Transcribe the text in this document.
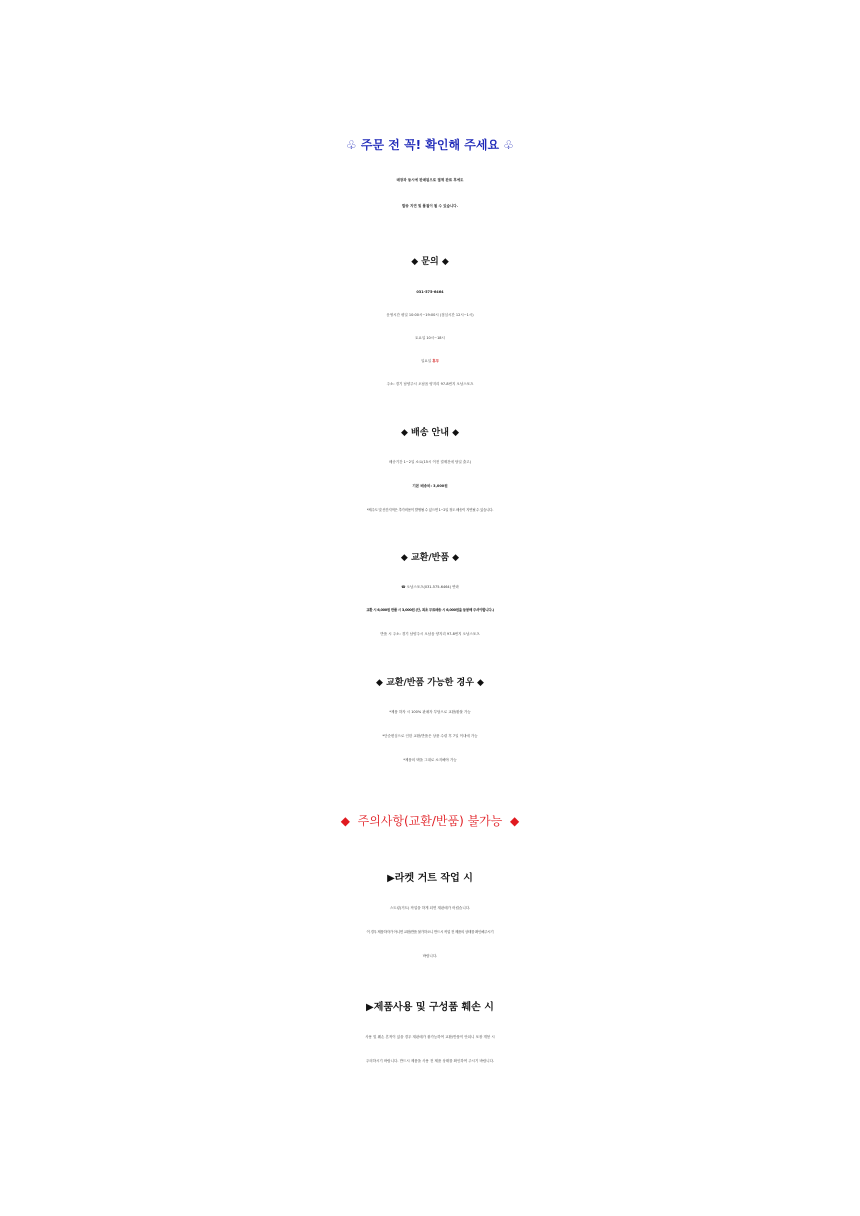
♧ 주문 전 꼭! 확인해 주세요 ♧
매장과 동시에 판매됨으로 결제 완료 후에도
발송 지연 및 품절이 될 수 있습니다.
◆ 문의 ◆
031-575-6464
운영시간 평일 10:00시~19:00시 (점심시간 12시~1시)
토요일 10시~18시
일요일 휴무
주소: 경기 남양주시 오남읍 양지리 97-8번지 오남스포츠
◆ 배송 안내 ◆
배송기간 1~2일 소요(15시 이전 결제건에 당일 출고)
기본 배송비: 3,000원
*제주도 및 산간지역은 추가비용이 발생될 수 있으면 1~2일 정도 배송이 지연될 수 있습니다.
◆ 교환/반품 ◆
☎ 오남스포츠(031-575-6464) 연락
교환 시 6,000원 반품 시 3,000원 (단, 최초 무료배송 시 6,000원을 동봉해 주셔야합니다.)
반품 시 주소: 경기 남양주시 오남읍 양지리 97-8번지 오남스포츠
◆ 교환/반품 가능한 경우 ◆
*제품 하자 시 100% 판매자 부담으로 교환/환불 가능
*단순변심으로 인한 교환/반품은 상품 수령 후 7일 이내에 가능
*제품의 택을 그대로 소지해야 가능
◆ 주의사항(교환/반품) 불가능 ◆
▶라켓 거트 작업 시
스트링(거트) 작업을 하게 되면 재판매가 어렵습니다.
이 경우 제품하자가 아니면 교환/반품 불가하오니 반드시 작업 전 제품의 상태를 확인해주시기
바랍니다.
▶제품사용 및 구성품 훼손 시
사용 및 웨손 흔적이 있을 경우 재판매가 불가능하여 교환/반품이 안되니 포장 개봉 시
주의하시기 바랍니다. 반드시 제품을 사용 전 제품 상태를 확인하여 주시기 바랍니다.
